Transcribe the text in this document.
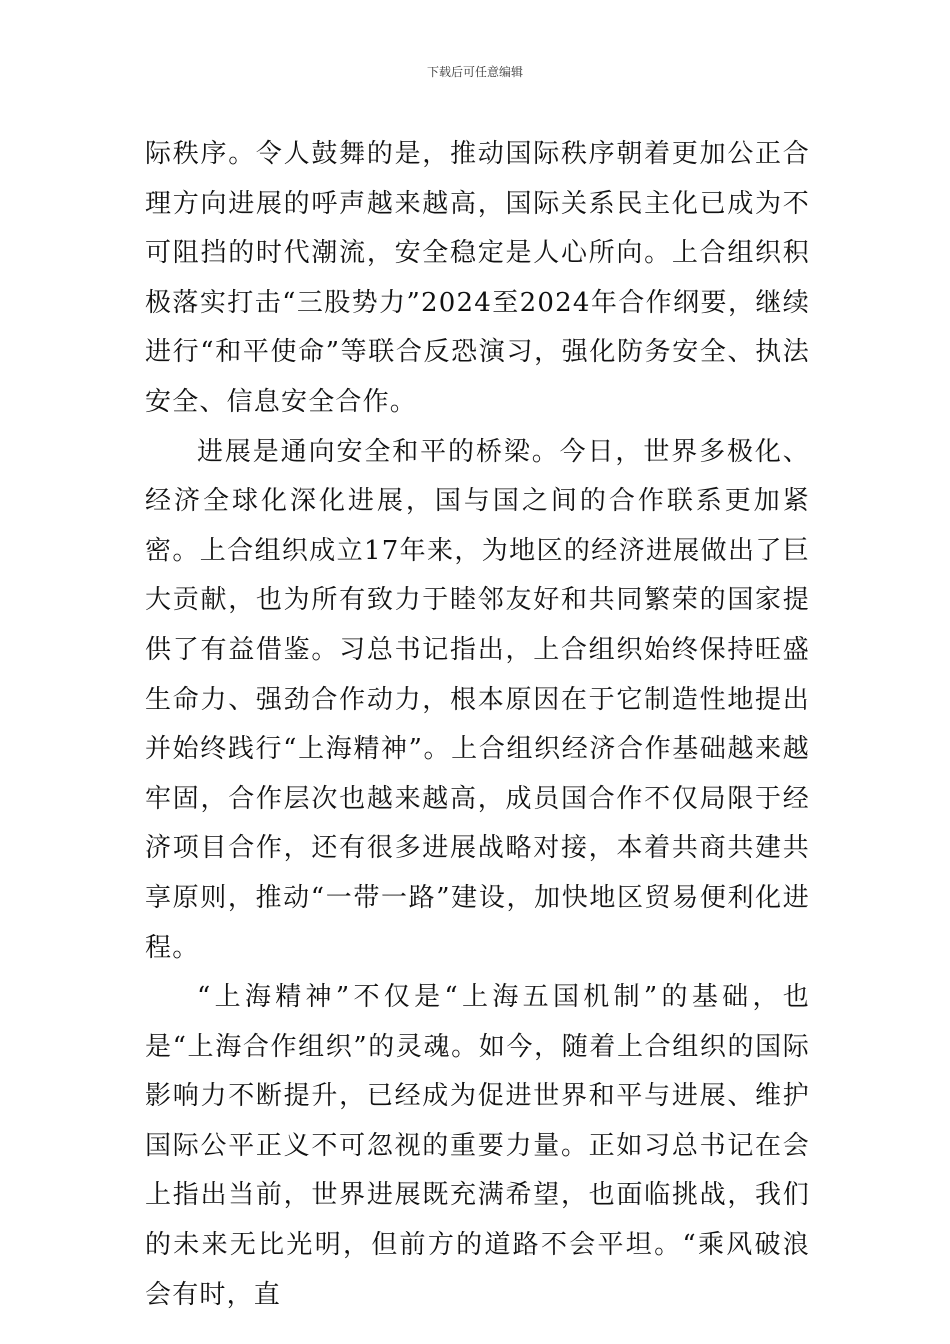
下载后可任意编辑

际秩序。令人鼓舞的是，推动国际秩序朝着更加公正合理方向进展的呼声越来越高，国际关系民主化已成为不可阻挡的时代潮流，安全稳定是人心所向。上合组织积极落实打击“三股势力”2024至2024年合作纲要，继续进行“和平使命”等联合反恐演习，强化防务安全、执法安全、信息安全合作。

进展是通向安全和平的桥梁。今日，世界多极化、经济全球化深化进展，国与国之间的合作联系更加紧密。上合组织成立17年来，为地区的经济进展做出了巨大贡献，也为所有致力于睦邻友好和共同繁荣的国家提供了有益借鉴。习总书记指出，上合组织始终保持旺盛生命力、强劲合作动力，根本原因在于它制造性地提出并始终践行“上海精神”。上合组织经济合作基础越来越牢固，合作层次也越来越高，成员国合作不仅局限于经济项目合作，还有很多进展战略对接，本着共商共建共享原则，推动“一带一路”建设，加快地区贸易便利化进程。

“上海精神”不仅是“上海五国机制”的基础，也是“上海合作组织”的灵魂。如今，随着上合组织的国际影响力不断提升，已经成为促进世界和平与进展、维护国际公平正义不可忽视的重要力量。正如习总书记在会上指出当前，世界进展既充满希望，也面临挑战，我们的未来无比光明，但前方的道路不会平坦。“乘风破浪会有时，直
